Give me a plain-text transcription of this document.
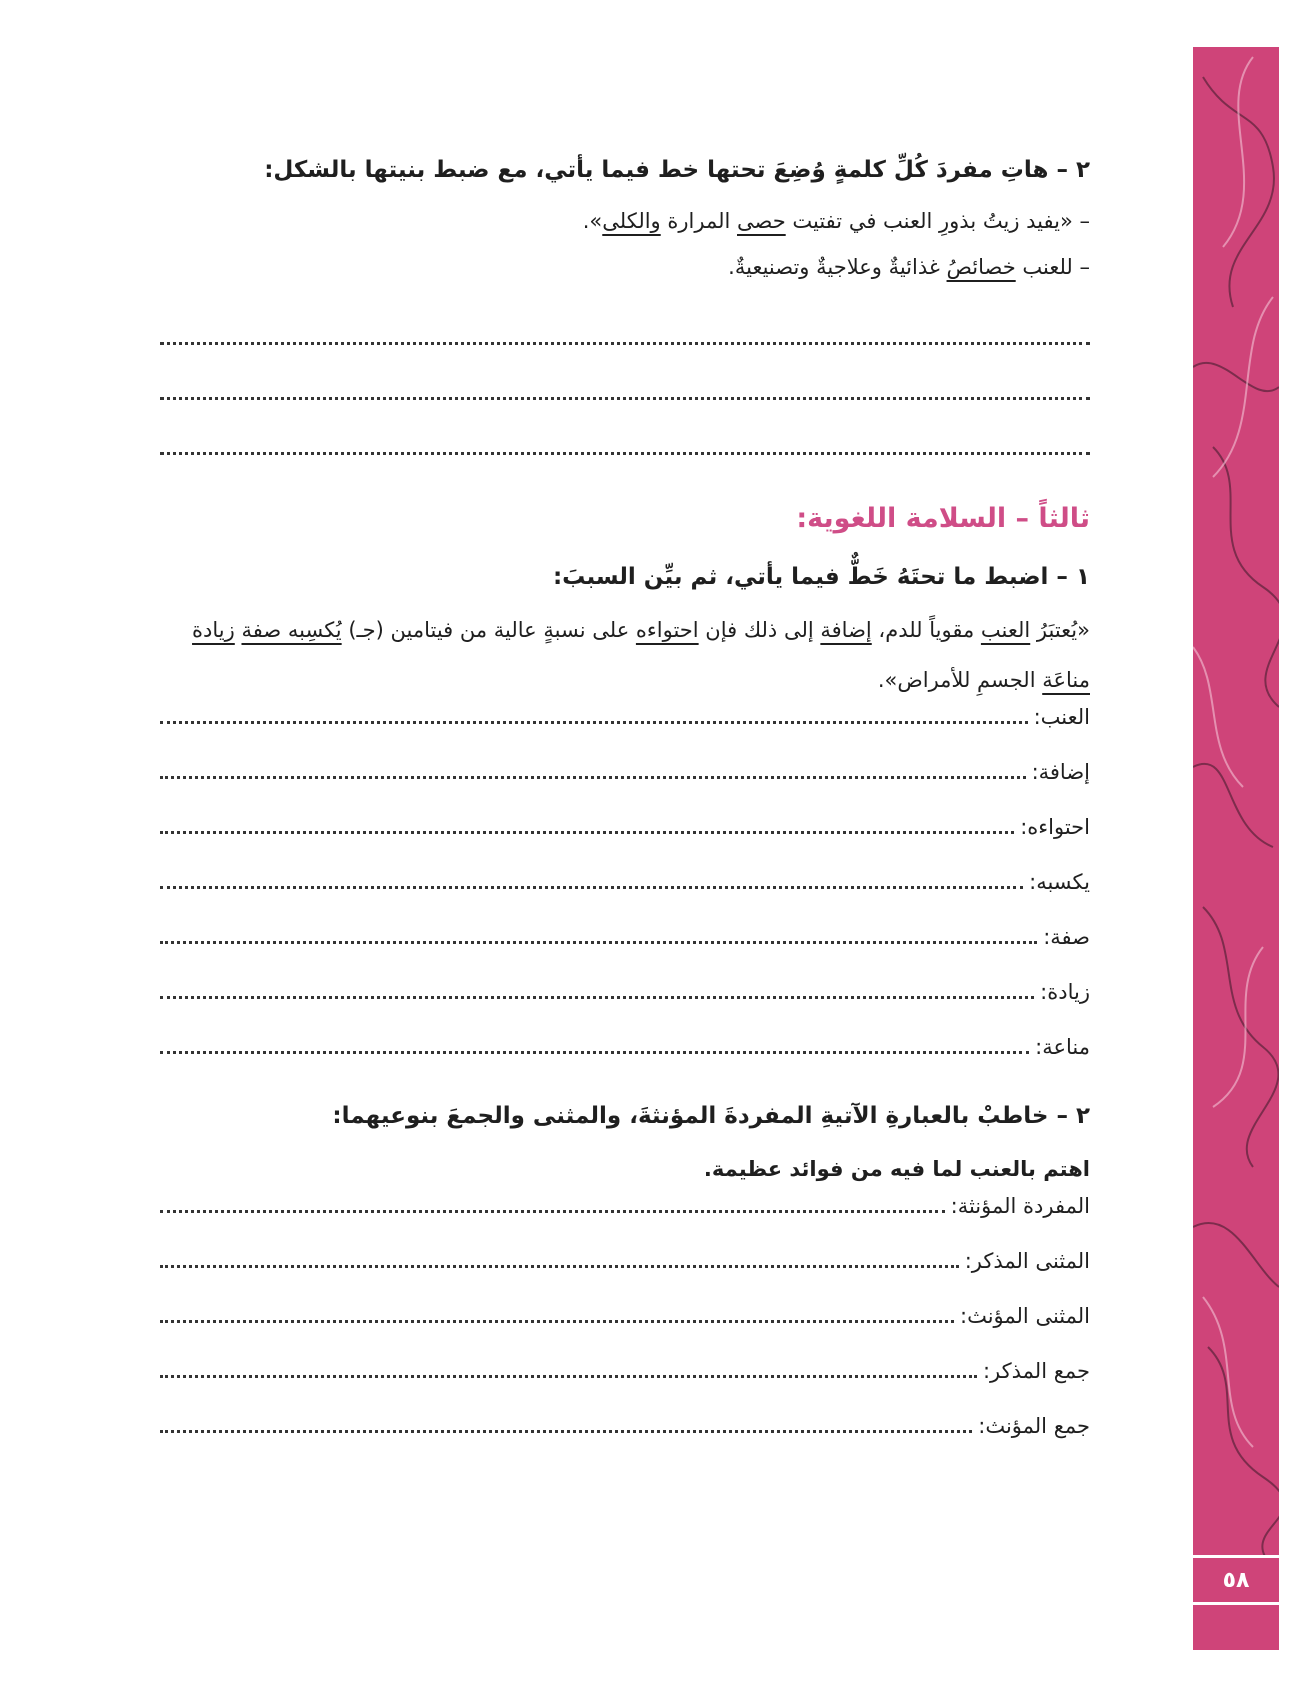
٢ – هاتِ مفردَ كُلِّ كلمةٍ وُضِعَ تحتها خط فيما يأتي، مع ضبط بنيتها بالشكل:
– «يفيد زيتُ بذورِ العنب في تفتيت حصى المرارة والكلى».
– للعنب خصائصُ غذائيةٌ وعلاجيةٌ وتصنيعيةٌ.
ثالثاً – السلامة اللغوية:
١ – اضبط ما تحتَهُ خَطٌّ فيما يأتي، ثم بيِّن السببَ:
«يُعتبَرُ العنب مقوياً للدم، إضافة إلى ذلك فإن احتواءه على نسبةٍ عالية من فيتامين (جـ) يُكسِبه صفة زيادة مناعَة الجسمِ للأمراض».
العنب:
إضافة:
احتواءه:
يكسبه:
صفة:
زيادة:
مناعة:
٢ – خاطبْ بالعبارةِ الآتيةِ المفردةَ المؤنثةَ، والمثنى والجمعَ بنوعيهما:
اهتم بالعنب لما فيه من فوائد عظيمة.
المفردة المؤنثة:
المثنى المذكر:
المثنى المؤنث:
جمع المذكر:
جمع المؤنث:
٥٨
